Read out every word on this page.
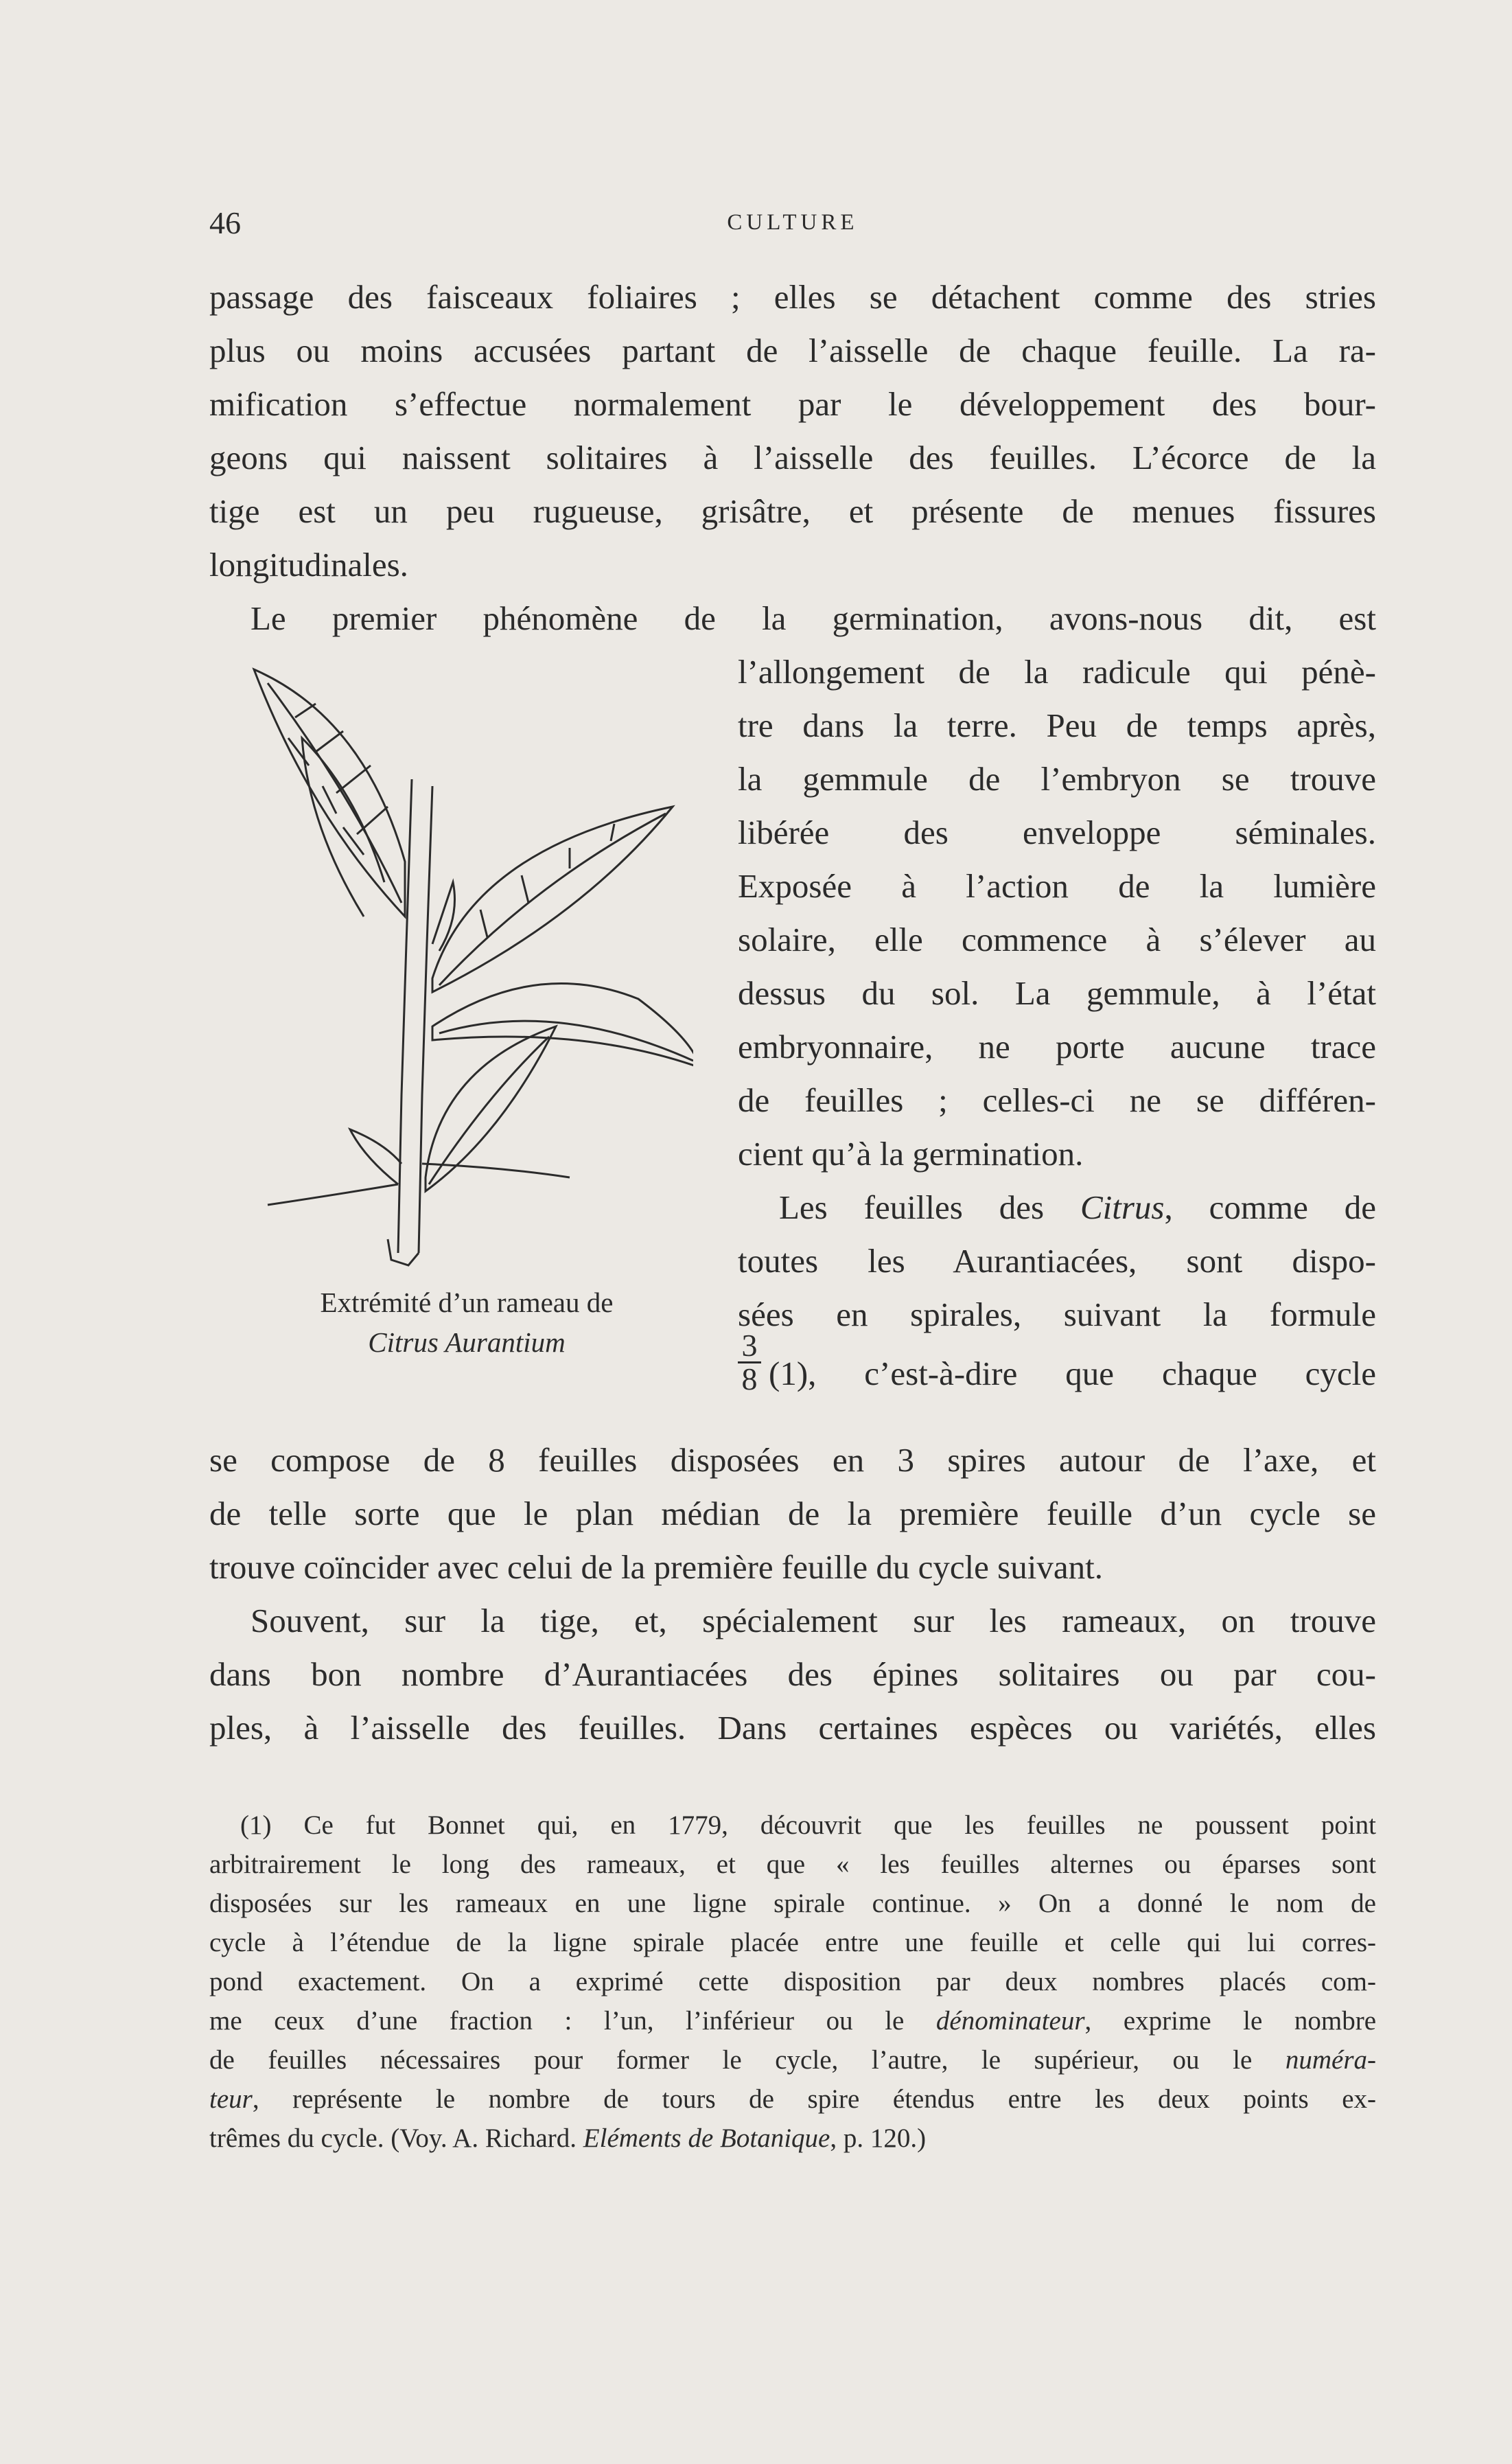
46	CULTURE
passage des faisceaux foliaires ; elles se détachent comme des stries
plus ou moins accusées partant de l’aisselle de chaque feuille. La ra-
mification s’effectue normalement par le développement des bour-
geons qui naissent solitaires à l’aisselle des feuilles. L’écorce de la
tige est un peu rugueuse, grisâtre, et présente de menues fissures
longitudinales.
Le premier phénomène de la germination, avons-nous dit, est
l’allongement de la radicule qui pénè-
tre dans la terre. Peu de temps après,
la gemmule de l’embryon se trouve
libérée des enveloppe séminales.
Exposée à l’action de la lumière
solaire, elle commence à s’élever au
dessus du sol. La gemmule, à l’état
embryonnaire, ne porte aucune trace
de feuilles ; celles-ci ne se différen-
cient qu’à la germination.
Les feuilles des Citrus, comme de
toutes les Aurantiacées, sont dispo-
sées en spirales, suivant la formule
3
8 (1), c’est-à-dire que chaque cycle
Extrémité d’un rameau de
Citrus Aurantium
se compose de 8 feuilles disposées en 3 spires autour de l’axe, et
de telle sorte que le plan médian de la première feuille d’un cycle se
trouve coïncider avec celui de la première feuille du cycle suivant.
Souvent, sur la tige, et, spécialement sur les rameaux, on trouve
dans bon nombre d’Aurantiacées des épines solitaires ou par cou-
ples, à l’aisselle des feuilles. Dans certaines espèces ou variétés, elles
(1) Ce fut Bonnet qui, en 1779, découvrit que les feuilles ne poussent point
arbitrairement le long des rameaux, et que « les feuilles alternes ou éparses sont
disposées sur les rameaux en une ligne spirale continue. » On a donné le nom de
cycle à l’étendue de la ligne spirale placée entre une feuille et celle qui lui corres-
pond exactement. On a exprimé cette disposition par deux nombres placés com-
me ceux d’une fraction : l’un, l’inférieur ou le dénominateur, exprime le nombre
de feuilles nécessaires pour former le cycle, l’autre, le supérieur, ou le numéra-
teur, représente le nombre de tours de spire étendus entre les deux points ex-
trêmes du cycle. (Voy. A. Richard. Eléments de Botanique, p. 120.)
